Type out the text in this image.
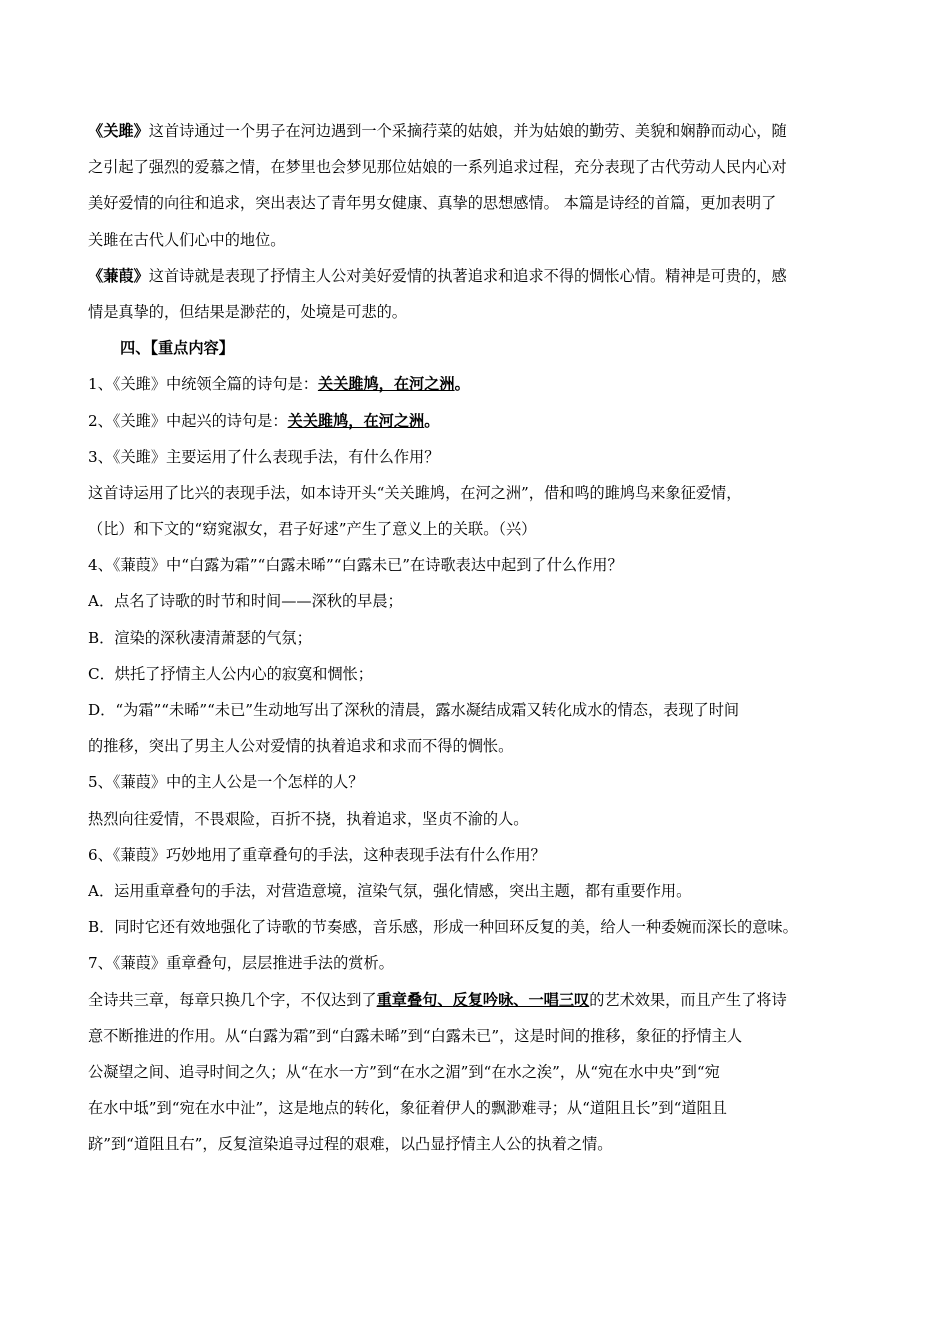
《关雎》这首诗通过一个男子在河边遇到一个采摘荇菜的姑娘，并为姑娘的勤劳、美貌和娴静而动心，随
之引起了强烈的爱慕之情，在梦里也会梦见那位姑娘的一系列追求过程，充分表现了古代劳动人民内心对
美好爱情的向往和追求，突出表达了青年男女健康、真挚的思想感情。 本篇是诗经的首篇，更加表明了
关雎在古代人们心中的地位。
《蒹葭》这首诗就是表现了抒情主人公对美好爱情的执著追求和追求不得的惆怅心情。精神是可贵的，感
情是真挚的，但结果是渺茫的，处境是可悲的。
四、【重点内容】
1、《关雎》中统领全篇的诗句是：关关雎鸠，在河之洲。
2、《关雎》中起兴的诗句是：关关雎鸠，在河之洲。
3、《关雎》主要运用了什么表现手法，有什么作用？
这首诗运用了比兴的表现手法，如本诗开头“关关雎鸠，在河之洲”，借和鸣的雎鸠鸟来象征爱情，
（比）和下文的“窈窕淑女，君子好逑”产生了意义上的关联。（兴）
4、《蒹葭》中“白露为霜”“白露未晞”“白露未已”在诗歌表达中起到了什么作用？
A．点名了诗歌的时节和时间——深秋的早晨；
B．渲染的深秋凄清萧瑟的气氛；
C．烘托了抒情主人公内心的寂寞和惆怅；
D．“为霜”“未晞”“未已”生动地写出了深秋的清晨，露水凝结成霜又转化成水的情态，表现了时间
的推移，突出了男主人公对爱情的执着追求和求而不得的惆怅。
5、《蒹葭》中的主人公是一个怎样的人？
热烈向往爱情，不畏艰险，百折不挠，执着追求，坚贞不渝的人。
6、《蒹葭》巧妙地用了重章叠句的手法，这种表现手法有什么作用？
A．运用重章叠句的手法，对营造意境，渲染气氛，强化情感，突出主题，都有重要作用。
B．同时它还有效地强化了诗歌的节奏感，音乐感，形成一种回环反复的美，给人一种委婉而深长的意味。
7、《蒹葭》重章叠句，层层推进手法的赏析。
全诗共三章，每章只换几个字，不仅达到了重章叠句、反复吟咏、一唱三叹的艺术效果，而且产生了将诗
意不断推进的作用。从“白露为霜”到“白露未晞”到“白露未已”，这是时间的推移，象征的抒情主人
公凝望之间、追寻时间之久；从“在水一方”到“在水之湄”到“在水之涘”，从“宛在水中央”到“宛
在水中坻”到“宛在水中沚”，这是地点的转化，象征着伊人的飘渺难寻；从“道阻且长”到“道阻且
跻”到“道阻且右”，反复渲染追寻过程的艰难，以凸显抒情主人公的执着之情。
